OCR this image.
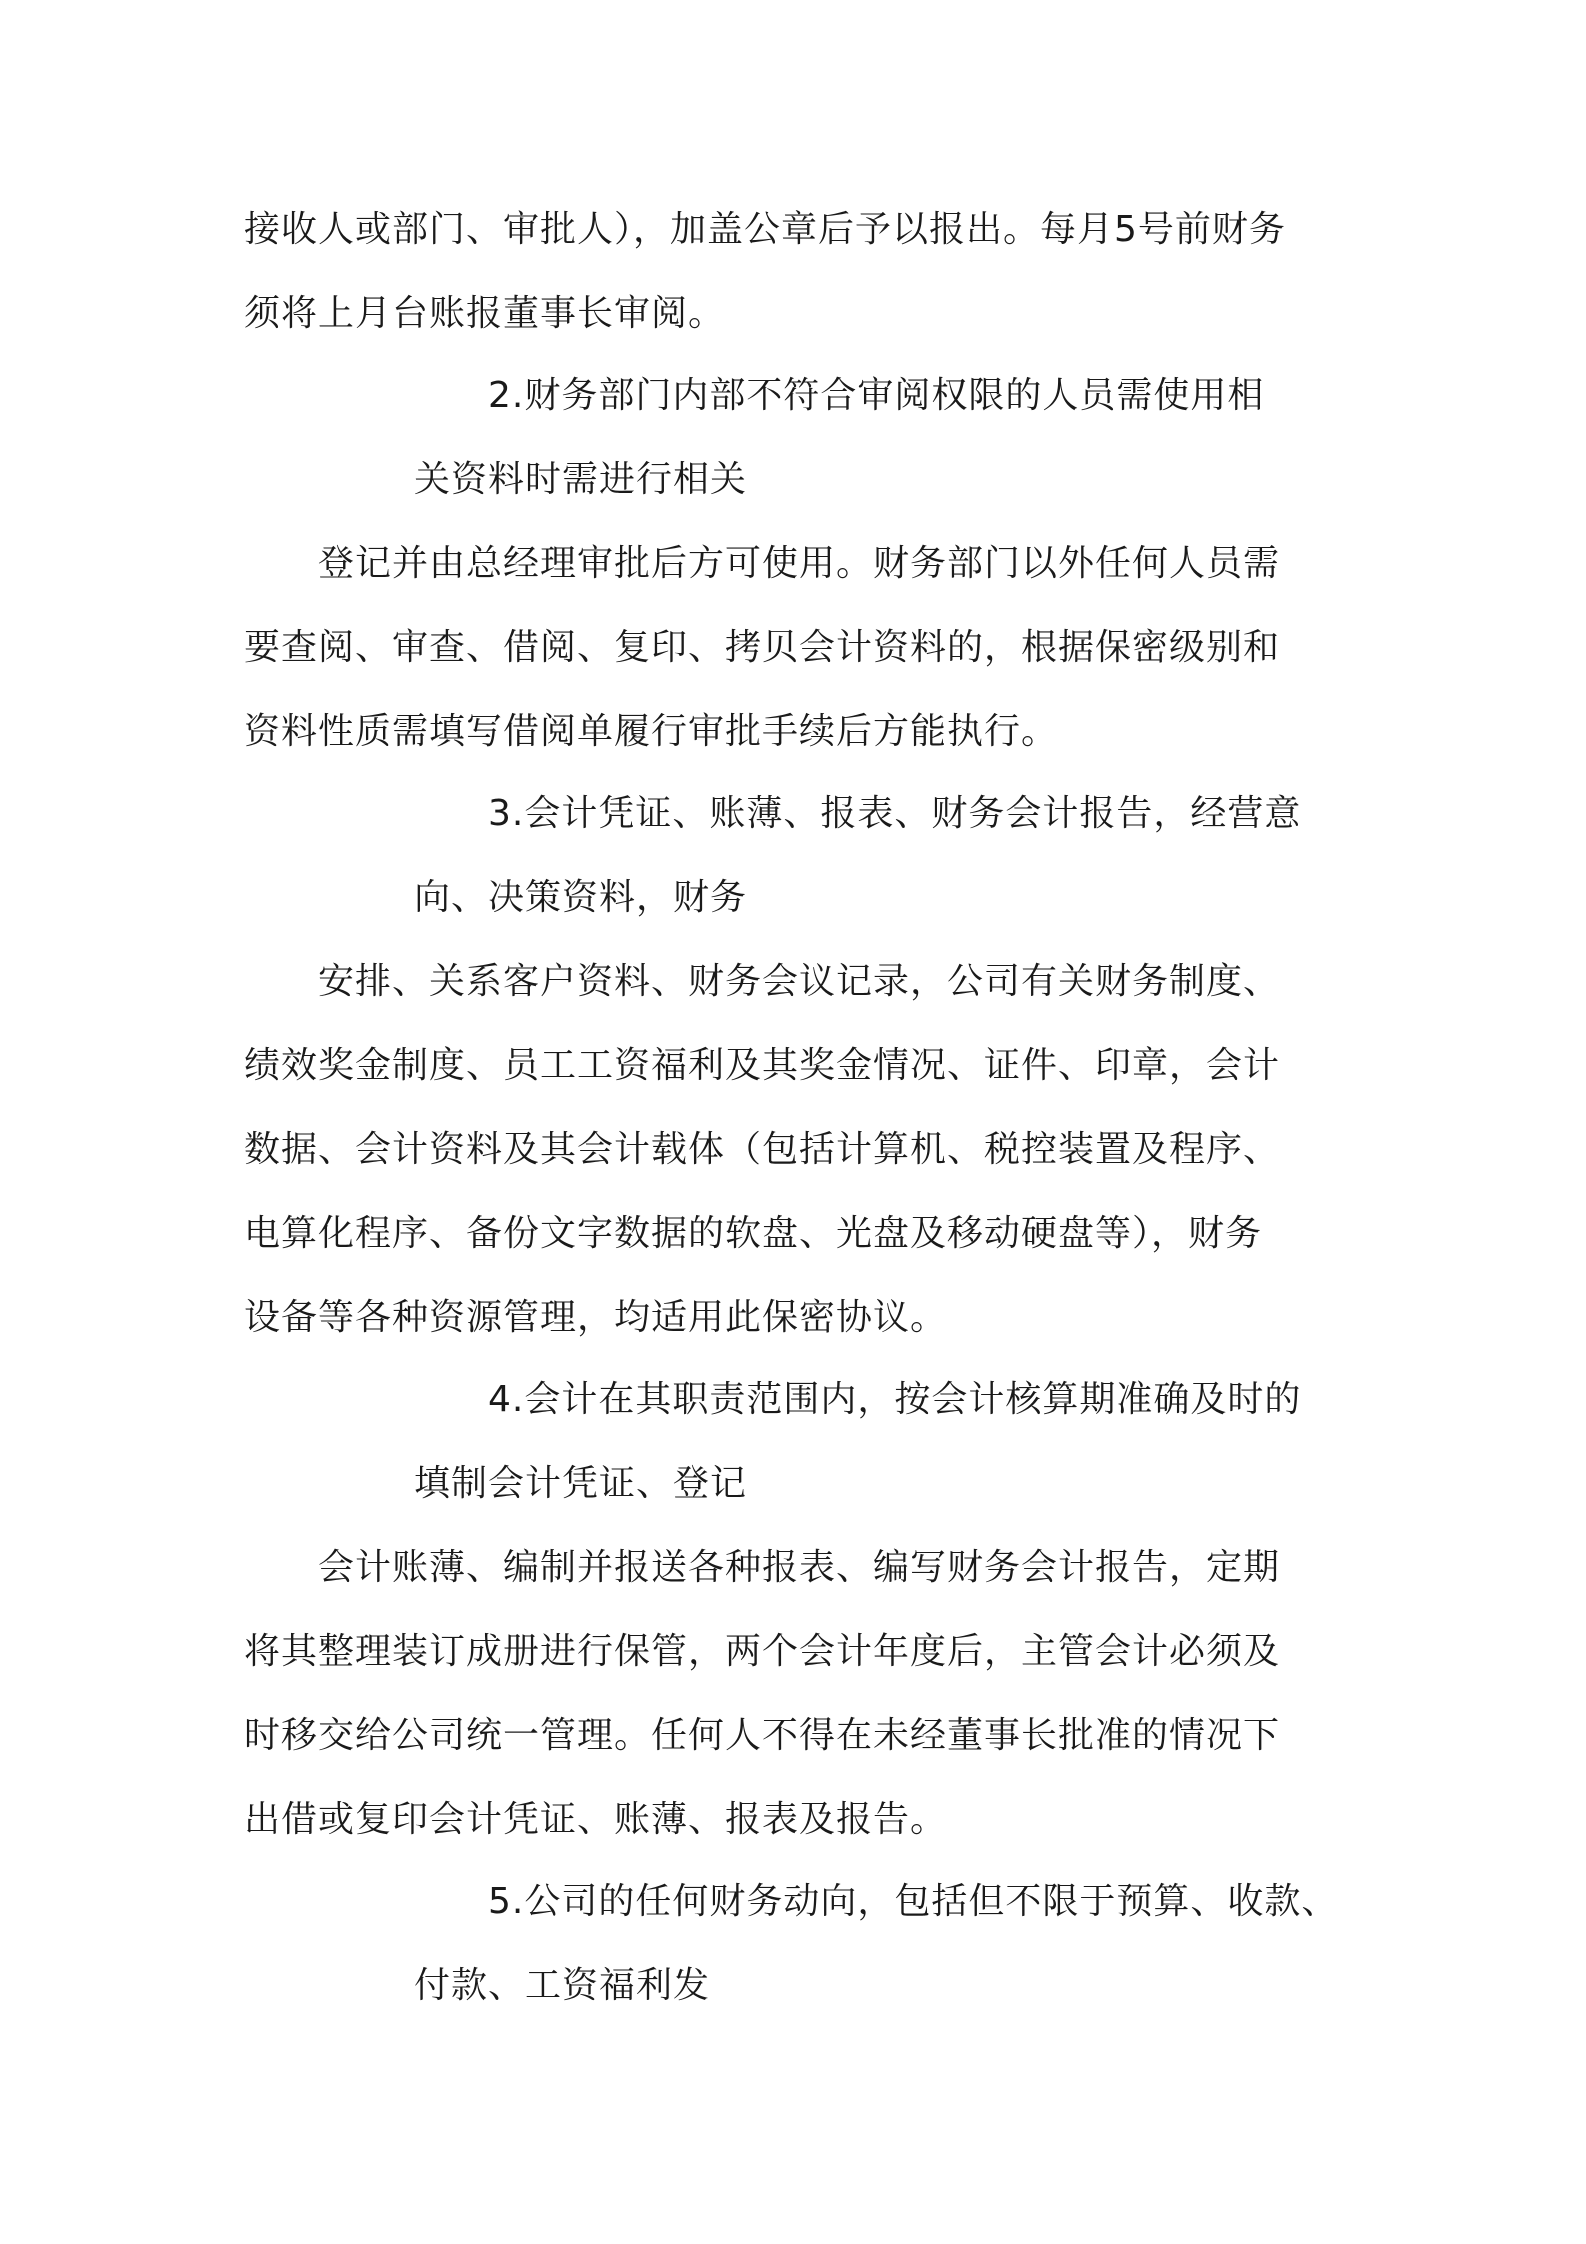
接收人或部门、审批人），加盖公章后予以报出。每月5号前财务
须将上月台账报董事长审阅。
2.财务部门内部不符合审阅权限的人员需使用相
关资料时需进行相关
登记并由总经理审批后方可使用。财务部门以外任何人员需
要查阅、审查、借阅、复印、拷贝会计资料的，根据保密级别和
资料性质需填写借阅单履行审批手续后方能执行。
3.会计凭证、账薄、报表、财务会计报告，经营意
向、决策资料，财务
安排、关系客户资料、财务会议记录，公司有关财务制度、
绩效奖金制度、员工工资福利及其奖金情况、证件、印章，会计
数据、会计资料及其会计载体（包括计算机、税控装置及程序、
电算化程序、备份文字数据的软盘、光盘及移动硬盘等），财务
设备等各种资源管理，均适用此保密协议。
4.会计在其职责范围内，按会计核算期准确及时的
填制会计凭证、登记
会计账薄、编制并报送各种报表、编写财务会计报告，定期
将其整理装订成册进行保管，两个会计年度后，主管会计必须及
时移交给公司统一管理。任何人不得在未经董事长批准的情况下
出借或复印会计凭证、账薄、报表及报告。
5.公司的任何财务动向，包括但不限于预算、收款、
付款、工资福利发
